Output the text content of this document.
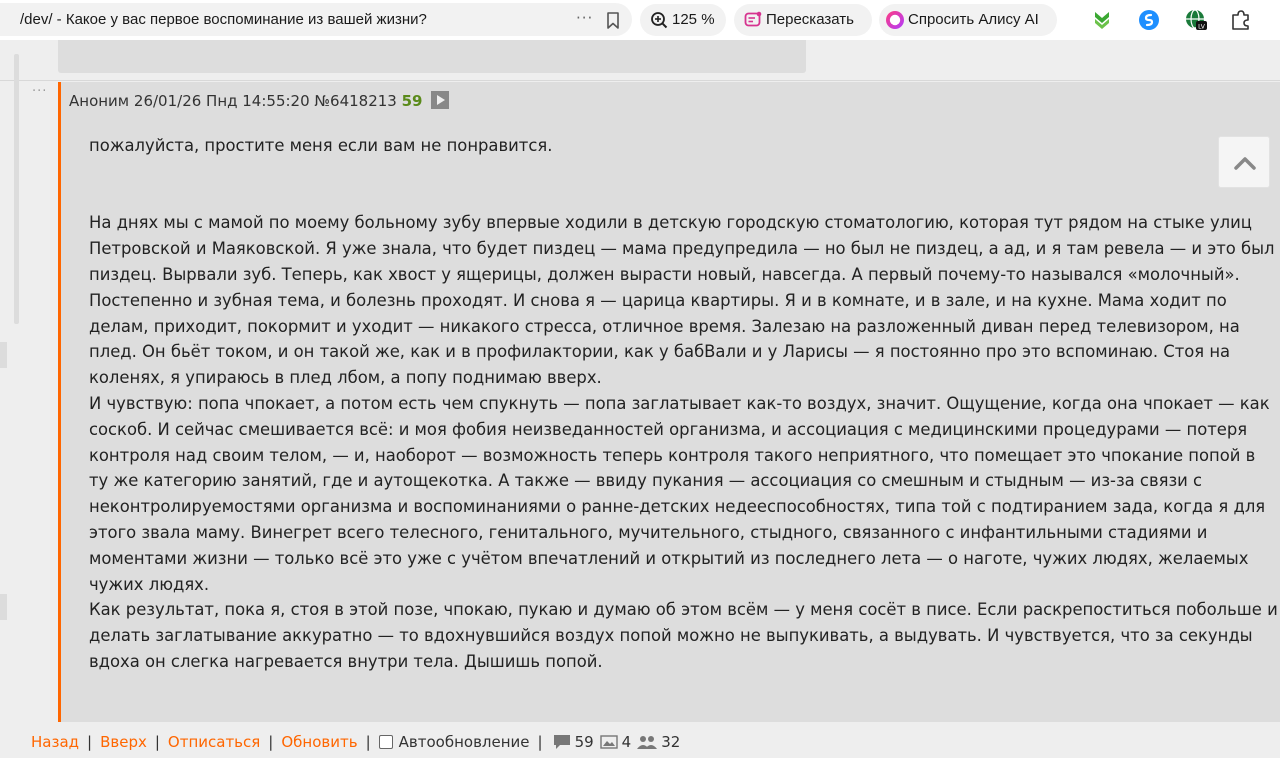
/dev/ - Какое у вас первое воспоминание из вашей жизни?	···	125 %	Пересказать	Спросить Алису AI	LV
···
Аноним 26/01/26 Пнд 14:55:20 №6418213 59

пожалуйста, простите меня если вам не понравится.

На днях мы с мамой по моему больному зубу впервые ходили в детскую городскую стоматологию, которая тут рядом на стыке улиц Петровской и Маяковской. Я уже знала, что будет пиздец — мама предупредила — но был не пиздец, а ад, и я там ревела — и это был пиздец. Вырвали зуб. Теперь, как хвост у ящерицы, должен вырасти новый, навсегда. А первый почему-то назывался «молочный».

Постепенно и зубная тема, и болезнь проходят. И снова я — царица квартиры. Я и в комнате, и в зале, и на кухне. Мама ходит по делам, приходит, покормит и уходит — никакого стресса, отличное время. Залезаю на разложенный диван перед телевизором, на плед. Он бьёт током, и он такой же, как и в профилактории, как у бабВали и у Ларисы — я постоянно про это вспоминаю. Стоя на коленях, я упираюсь в плед лбом, а попу поднимаю вверх.

И чувствую: попа чпокает, а потом есть чем спукнуть — попа заглатывает как-то воздух, значит. Ощущение, когда она чпокает — как соскоб. И сейчас смешивается всё: и моя фобия неизведанностей организма, и ассоциация с медицинскими процедурами — потеря контроля над своим телом, — и, наоборот — возможность теперь контроля такого неприятного, что помещает это чпокание попой в ту же категорию занятий, где и аутощекотка. А также — ввиду пукания — ассоциация со смешным и стыдным — из-за связи с неконтролируемостями организма и воспоминаниями о ранне-детских недееспособностях, типа той с подтиранием зада, когда я для этого звала маму. Винегрет всего телесного, генитального, мучительного, стыдного, связанного с инфантильными стадиями и моментами жизни — только всё это уже с учётом впечатлений и открытий из последнего лета — о наготе, чужих людях, желаемых чужих людях.

Как результат, пока я, стоя в этой позе, чпокаю, пукаю и думаю об этом всём — у меня сосёт в писе. Если раскрепоститься побольше и делать заглатывание аккуратно — то вдохнувшийся воздух попой можно не выпукивать, а выдувать. И чувствуется, что за секунды вдоха он слегка нагревается внутри тела. Дышишь попой.

Назад | Вверх | Отписаться | Обновить | Автообновление | 59 4 32
